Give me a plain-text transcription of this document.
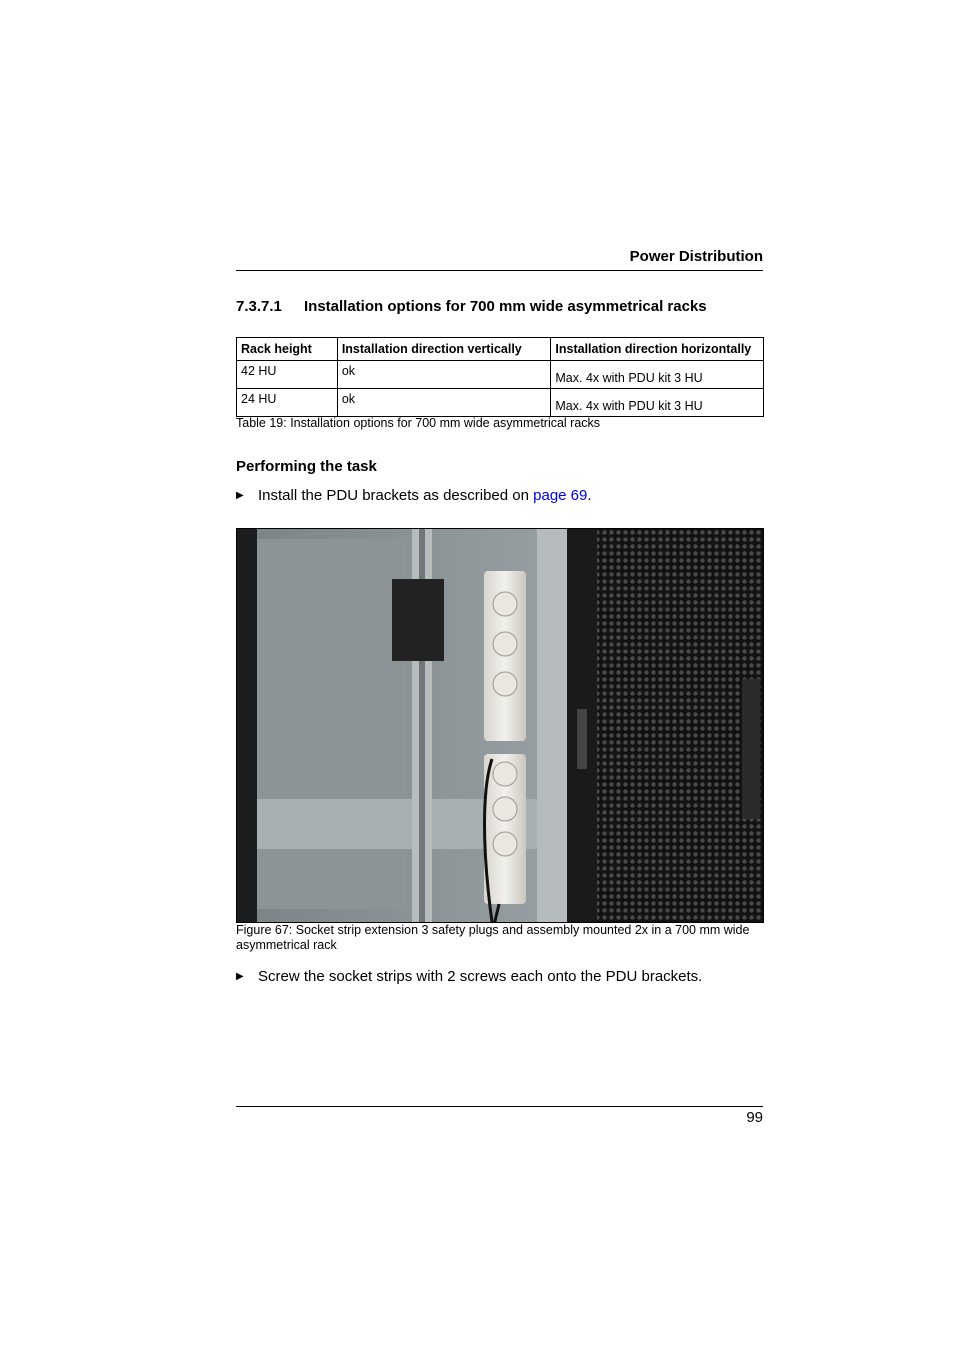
Power Distribution
7.3.7.1 Installation options for 700 mm wide asymmetrical racks
Rack height	Installation direction vertically	Installation direction horizontally
42 HU	ok	Max. 4x with PDU kit 3 HU
24 HU	ok	Max. 4x with PDU kit 3 HU
Table 19: Installation options for 700 mm wide asymmetrical racks
Performing the task
▶ Install the PDU brackets as described on page 69.
Figure 67: Socket strip extension 3 safety plugs and assembly mounted 2x in a 700 mm wide
asymmetrical rack
▶ Screw the socket strips with 2 screws each onto the PDU brackets.
99
